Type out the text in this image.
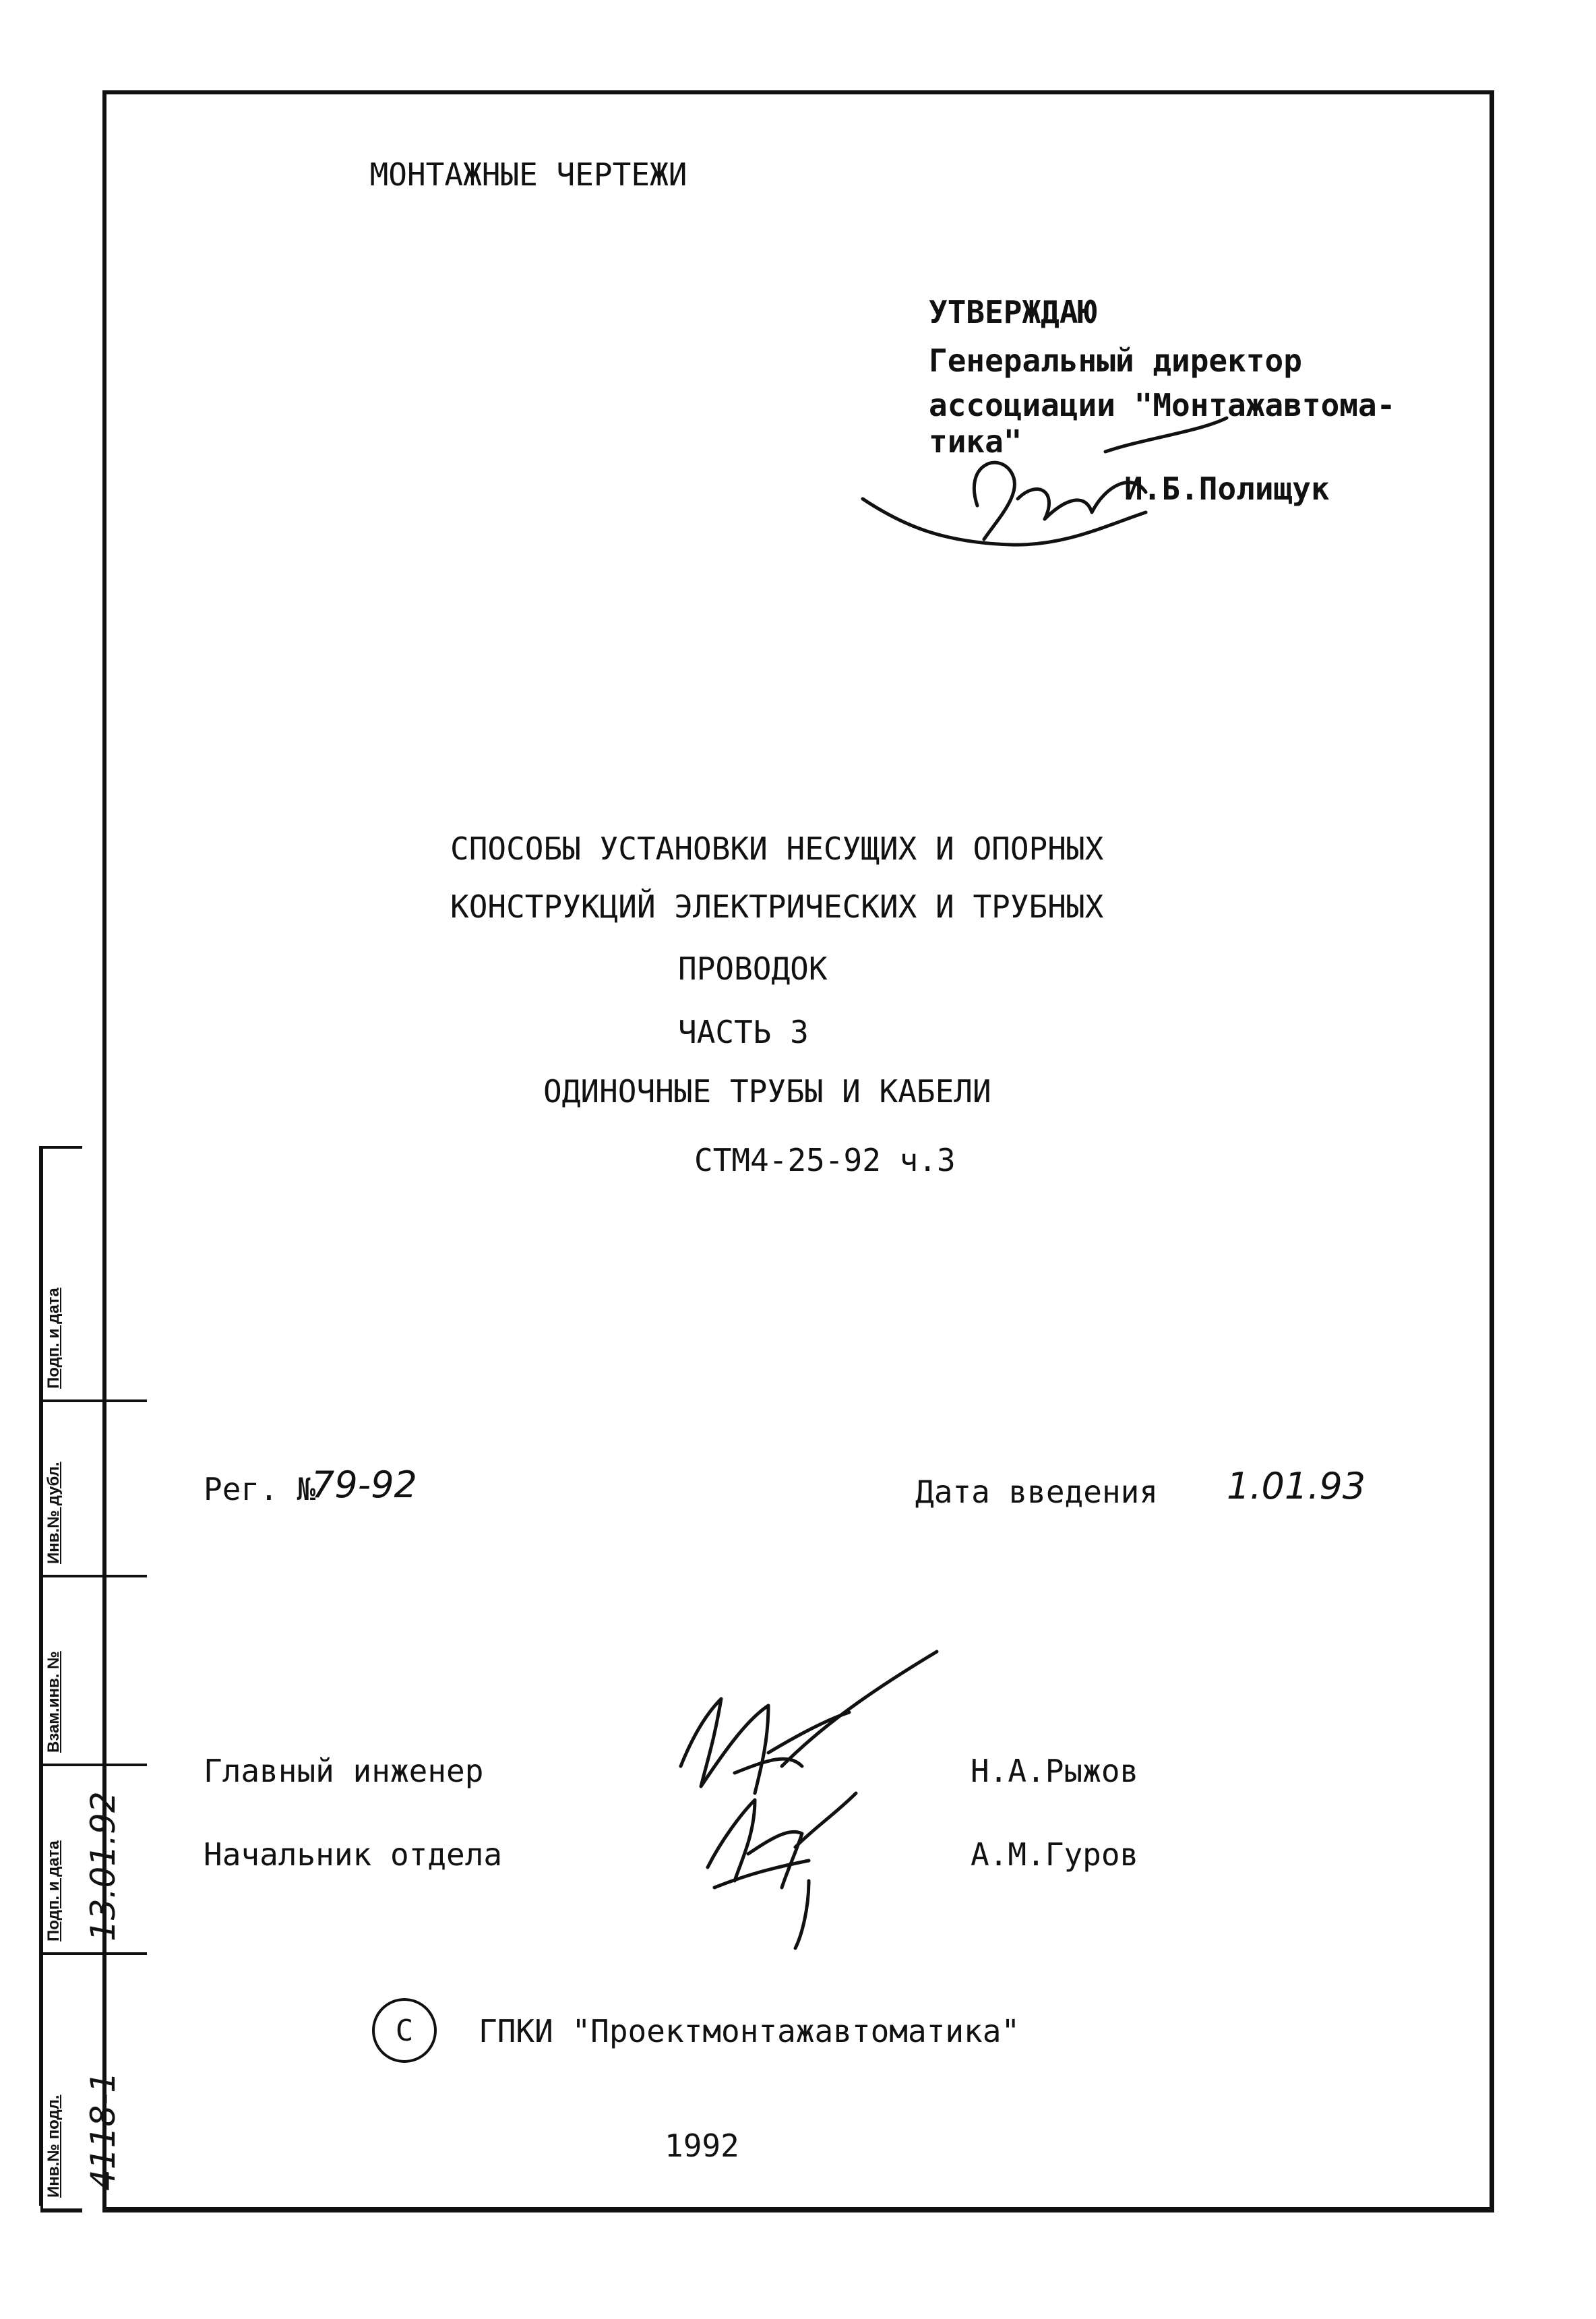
МОНТАЖНЫЕ ЧЕРТЕЖИ
УТВЕРЖДАЮ
Генеральный директор
ассоциации "Монтажавтома-
тика"
И.Б.Полищук
СПОСОБЫ УСТАНОВКИ НЕСУЩИХ И ОПОРНЫХ
КОНСТРУКЦИЙ ЭЛЕКТРИЧЕСКИХ И ТРУБНЫХ
ПРОВОДОК
ЧАСТЬ 3
ОДИНОЧНЫЕ ТРУБЫ И КАБЕЛИ
СТМ4-25-92 ч.3
Рег. №
79-92	Дата введения 1.01.93
Главный инженер	Н.А.Рыжов
Начальник отдела	А.М.Гуров
С	ГПКИ "Проектмонтажавтоматика"
1992
Подп. и дата
Инв.№ дубл.
Взам.инв. №
Подп. и дата
Инв.№ подл.
13.01.92
4118-1
